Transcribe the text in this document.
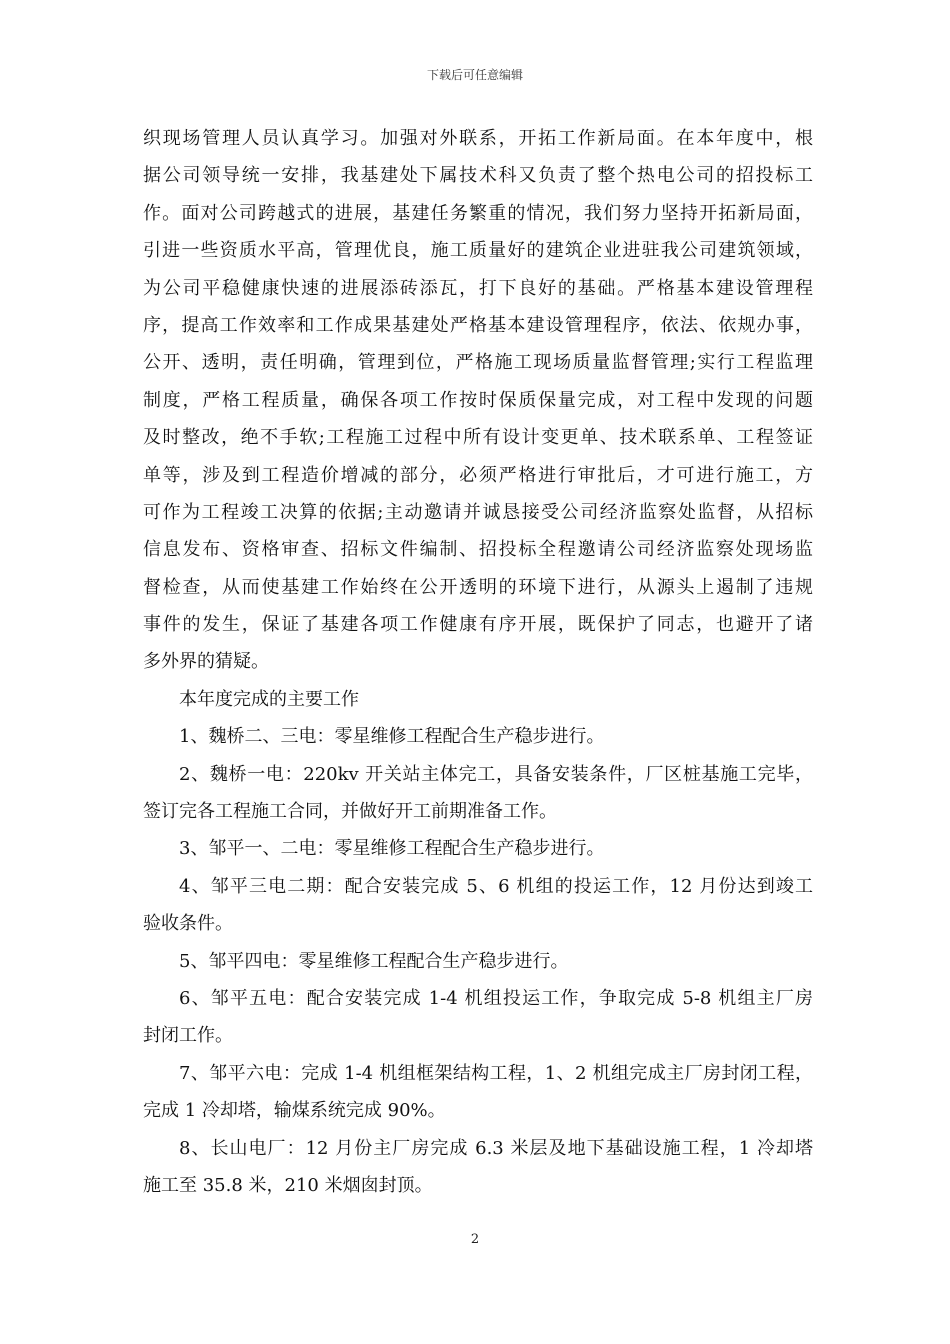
下载后可任意编辑
织现场管理人员认真学习。加强对外联系，开拓工作新局面。在本年度中，根
据公司领导统一安排，我基建处下属技术科又负责了整个热电公司的招投标工
作。面对公司跨越式的进展，基建任务繁重的情况，我们努力坚持开拓新局面，
引进一些资质水平高，管理优良，施工质量好的建筑企业进驻我公司建筑领域，
为公司平稳健康快速的进展添砖添瓦，打下良好的基础。严格基本建设管理程
序，提高工作效率和工作成果基建处严格基本建设管理程序，依法、依规办事，
公开、透明，责任明确，管理到位，严格施工现场质量监督管理;实行工程监理
制度，严格工程质量，确保各项工作按时保质保量完成，对工程中发现的问题
及时整改，绝不手软;工程施工过程中所有设计变更单、技术联系单、工程签证
单等，涉及到工程造价增减的部分，必须严格进行审批后，才可进行施工，方
可作为工程竣工决算的依据;主动邀请并诚恳接受公司经济监察处监督，从招标
信息发布、资格审查、招标文件编制、招投标全程邀请公司经济监察处现场监
督检查，从而使基建工作始终在公开透明的环境下进行，从源头上遏制了违规
事件的发生，保证了基建各项工作健康有序开展，既保护了同志，也避开了诸
多外界的猜疑。
本年度完成的主要工作
1、魏桥二、三电：零星维修工程配合生产稳步进行。
2、魏桥一电：220kv 开关站主体完工，具备安装条件，厂区桩基施工完毕，
签订完各工程施工合同，并做好开工前期准备工作。
3、邹平一、二电：零星维修工程配合生产稳步进行。
4、邹平三电二期：配合安装完成 5、6 机组的投运工作，12 月份达到竣工
验收条件。
5、邹平四电：零星维修工程配合生产稳步进行。
6、邹平五电：配合安装完成 1-4 机组投运工作，争取完成 5-8 机组主厂房
封闭工作。
7、邹平六电：完成 1-4 机组框架结构工程，1、2 机组完成主厂房封闭工程，
完成 1 冷却塔，输煤系统完成 90%。
8、长山电厂：12 月份主厂房完成 6.3 米层及地下基础设施工程，1 冷却塔
施工至 35.8 米，210 米烟囱封顶。
2
